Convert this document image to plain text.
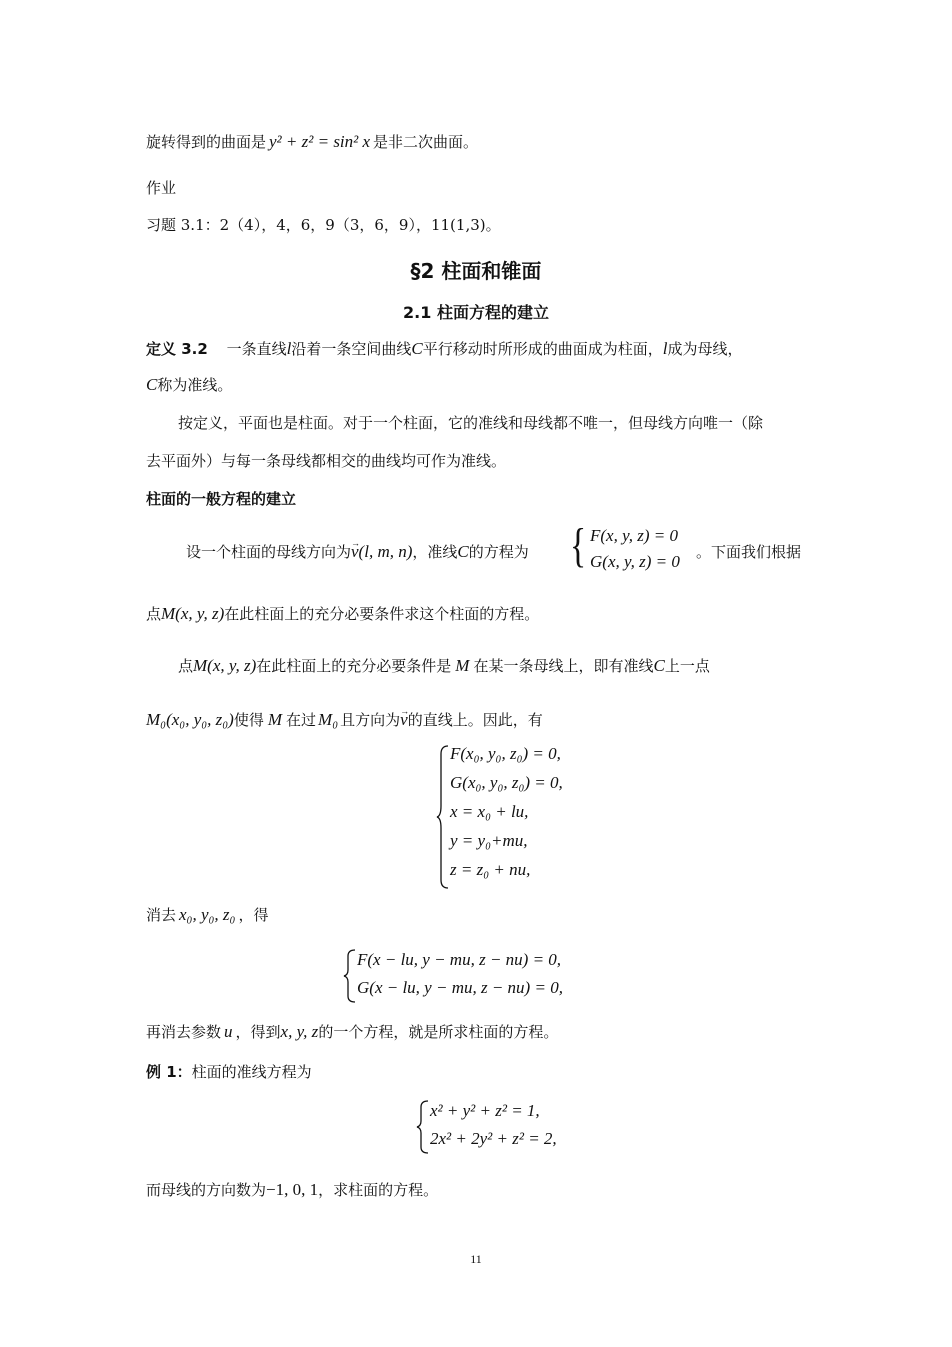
旋转得到的曲面是 y² + z² = sin² x 是非二次曲面。
作业
习题 3.1：2（4），4，6，9（3，6，9），11(1,3)。
§2 柱面和锥面
2.1 柱面方程的建立
定义 3.2 一条直线l沿着一条空间曲线C平行移动时所形成的曲面成为柱面，l成为母线，
C称为准线。
按定义，平面也是柱面。对于一个柱面，它的准线和母线都不唯一，但母线方向唯一（除
去平面外）与每一条母线都相交的曲线均可作为准线。
柱面的一般方程的建立
设一个柱面的母线方向为→ v(l, m, n)，准线C的方程为 { F(x, y, z) = 0
G(x, y, z) = 0 。下面我们根据
点M(x, y, z)在此柱面上的充分必要条件求这个柱面的方程。
点M(x, y, z)在此柱面上的充分必要条件是 M 在某一条母线上，即有准线C上一点
M₀(x₀, y₀, z₀)使得 M 在过 M₀ 且方向为→ v的直线上。因此，有
F(x₀, y₀, z₀) = 0,
G(x₀, y₀, z₀) = 0,
x = x₀ + lu,
y = y₀+mu,
z = z₀ + nu,
消去 x₀, y₀, z₀ ，得
F(x − lu, y − mu, z − nu) = 0,
G(x − lu, y − mu, z − nu) = 0,
再消去参数 u ，得到x, y, z的一个方程，就是所求柱面的方程。
例 1：柱面的准线方程为
x² + y² + z² = 1,
2x² + 2y² + z² = 2,
而母线的方向数为−1, 0, 1，求柱面的方程。
11
